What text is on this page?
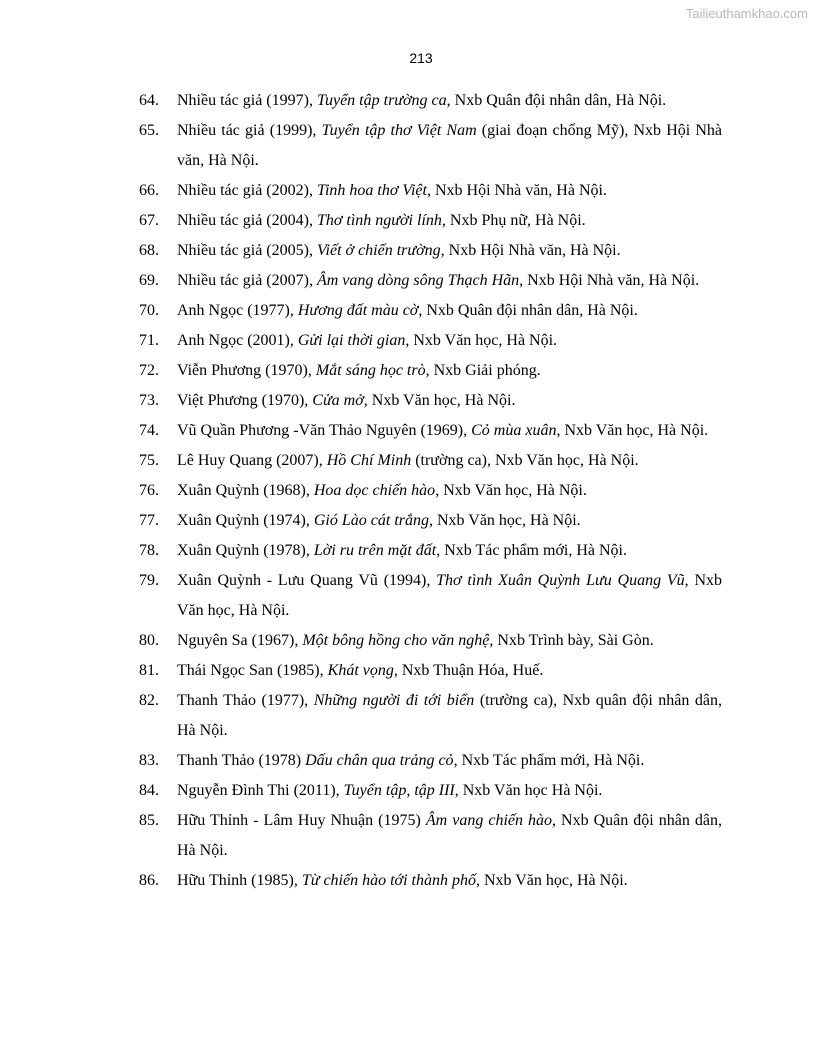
Tailieuthamkhao.com
213

64. Nhiều tác giả (1997), Tuyển tập trường ca, Nxb Quân đội nhân dân, Hà Nội.

65. Nhiều tác giả (1999), Tuyển tập thơ Việt Nam (giai đoạn chống Mỹ), Nxb Hội Nhà văn, Hà Nội.

66. Nhiều tác giả (2002), Tinh hoa thơ Việt, Nxb Hội Nhà văn, Hà Nội.

67. Nhiều tác giả (2004), Thơ tình người lính, Nxb Phụ nữ, Hà Nội.

68. Nhiều tác giả (2005), Viết ở chiến trường, Nxb Hội Nhà văn, Hà Nội.

69. Nhiều tác giả (2007), Âm vang dòng sông Thạch Hãn, Nxb Hội Nhà văn, Hà Nội.

70. Anh Ngọc (1977), Hương đất màu cờ, Nxb Quân đội nhân dân, Hà Nội.

71. Anh Ngọc (2001), Gửi lại thời gian, Nxb Văn học, Hà Nội.

72. Viễn Phương (1970), Mắt sáng học trò, Nxb Giải phóng.

73. Việt Phương (1970), Cửa mở, Nxb Văn học, Hà Nội.

74. Vũ Quần Phương -Văn Thảo Nguyên (1969), Cỏ mùa xuân, Nxb Văn học, Hà Nội.

75. Lê Huy Quang (2007), Hồ Chí Minh (trường ca), Nxb Văn học, Hà Nội.

76. Xuân Quỳnh (1968), Hoa dọc chiến hào, Nxb Văn học, Hà Nội.

77. Xuân Quỳnh (1974), Gió Lào cát trắng, Nxb Văn học, Hà Nội.

78. Xuân Quỳnh (1978), Lời ru trên mặt đất, Nxb Tác phẩm mới, Hà Nội.

79. Xuân Quỳnh - Lưu Quang Vũ (1994), Thơ tình Xuân Quỳnh Lưu Quang Vũ, Nxb Văn học, Hà Nội.

80. Nguyên Sa (1967), Một bông hồng cho văn nghệ, Nxb Trình bày, Sài Gòn.

81. Thái Ngọc San (1985), Khát vọng, Nxb Thuận Hóa, Huế.

82. Thanh Thảo (1977), Những người đi tới biển (trường ca), Nxb quân đội nhân dân, Hà Nội.

83. Thanh Thảo (1978) Dấu chân qua trảng cỏ, Nxb Tác phẩm mới, Hà Nội.

84. Nguyễn Đình Thi (2011), Tuyển tập, tập III, Nxb Văn học Hà Nội.

85. Hữu Thỉnh - Lâm Huy Nhuận (1975) Âm vang chiến hào, Nxb Quân đội nhân dân, Hà Nội.

86. Hữu Thỉnh (1985), Từ chiến hào tới thành phố, Nxb Văn học, Hà Nội.
